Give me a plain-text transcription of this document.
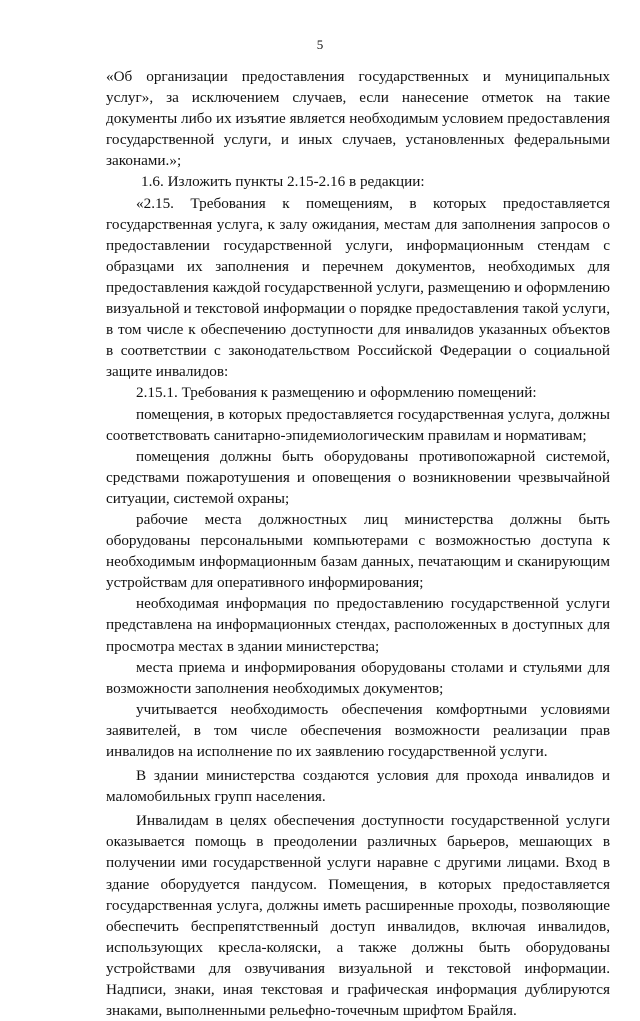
5

«Об организации предоставления государственных и муниципальных услуг», за исключением случаев, если нанесение отметок на такие документы либо их изъятие является необходимым условием предоставления государственной услуги, и иных случаев, установленных федеральными законами.»;

1.6. Изложить пункты 2.15-2.16 в редакции:

«2.15. Требования к помещениям, в которых предоставляется государственная услуга, к залу ожидания, местам для заполнения запросов о предоставлении государственной услуги, информационным стендам с образцами их заполнения и перечнем документов, необходимых для предоставления каждой государственной услуги, размещению и оформлению визуальной и текстовой информации о порядке предоставления такой услуги, в том числе к обеспечению доступности для инвалидов указанных объектов в соответствии с законодательством Российской Федерации о социальной защите инвалидов:

2.15.1. Требования к размещению и оформлению помещений:

помещения, в которых предоставляется государственная услуга, должны соответствовать санитарно-эпидемиологическим правилам и нормативам;

помещения должны быть оборудованы противопожарной системой, средствами пожаротушения и оповещения о возникновении чрезвычайной ситуации, системой охраны;

рабочие места должностных лиц министерства должны быть оборудованы персональными компьютерами с возможностью доступа к необходимым информационным базам данных, печатающим и сканирующим устройствам для оперативного информирования;

необходимая информация по предоставлению государственной услуги представлена на информационных стендах, расположенных в доступных для просмотра местах в здании министерства;

места приема и информирования оборудованы столами и стульями для возможности заполнения необходимых документов;

учитывается необходимость обеспечения комфортными условиями заявителей, в том числе обеспечения возможности реализации прав инвалидов на исполнение по их заявлению государственной услуги.

В здании министерства создаются условия для прохода инвалидов и маломобильных групп населения.

Инвалидам в целях обеспечения доступности государственной услуги оказывается помощь в преодолении различных барьеров, мешающих в получении ими государственной услуги наравне с другими лицами. Вход в здание оборудуется пандусом. Помещения, в которых предоставляется государственная услуга, должны иметь расширенные проходы, позволяющие обеспечить беспрепятственный доступ инвалидов, включая инвалидов, использующих кресла-коляски, а также должны быть оборудованы устройствами для озвучивания визуальной и текстовой информации. Надписи, знаки, иная текстовая и графическая информация дублируются знаками, выполненными рельефно-точечным шрифтом Брайля.
